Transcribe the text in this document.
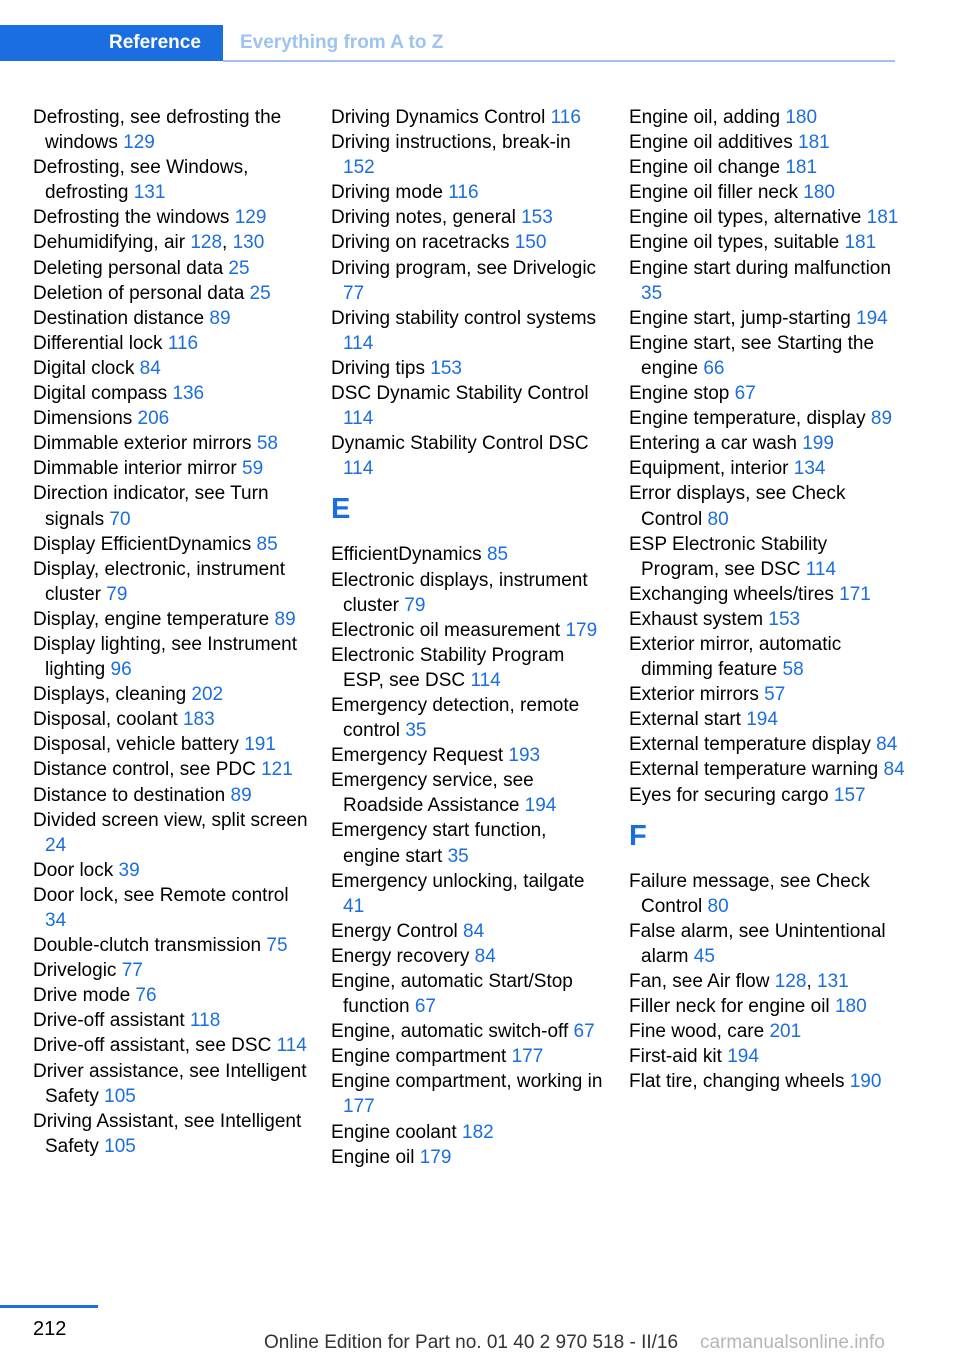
Reference	Everything from A to Z
Defrosting, see defrosting the windows 129
Defrosting, see Windows, defrosting 131
Defrosting the windows 129
Dehumidifying, air 128, 130
Deleting personal data 25
Deletion of personal data 25
Destination distance 89
Differential lock 116
Digital clock 84
Digital compass 136
Dimensions 206
Dimmable exterior mirrors 58
Dimmable interior mirror 59
Direction indicator, see Turn signals 70
Display EfficientDynamics 85
Display, electronic, instrument cluster 79
Display, engine temperature 89
Display lighting, see Instrument lighting 96
Displays, cleaning 202
Disposal, coolant 183
Disposal, vehicle battery 191
Distance control, see PDC 121
Distance to destination 89
Divided screen view, split screen 24
Door lock 39
Door lock, see Remote control 34
Double-clutch transmission 75
Drivelogic 77
Drive mode 76
Drive-off assistant 118
Drive-off assistant, see DSC 114
Driver assistance, see Intelligent Safety 105
Driving Assistant, see Intelligent Safety 105
Driving Dynamics Control 116
Driving instructions, break-in 152
Driving mode 116
Driving notes, general 153
Driving on racetracks 150
Driving program, see Drivelogic 77
Driving stability control systems 114
Driving tips 153
DSC Dynamic Stability Control 114
Dynamic Stability Control DSC 114
E
EfficientDynamics 85
Electronic displays, instrument cluster 79
Electronic oil measurement 179
Electronic Stability Program ESP, see DSC 114
Emergency detection, remote control 35
Emergency Request 193
Emergency service, see Roadside Assistance 194
Emergency start function, engine start 35
Emergency unlocking, tailgate 41
Energy Control 84
Energy recovery 84
Engine, automatic Start/Stop function 67
Engine, automatic switch-off 67
Engine compartment 177
Engine compartment, working in 177
Engine coolant 182
Engine oil 179
Engine oil, adding 180
Engine oil additives 181
Engine oil change 181
Engine oil filler neck 180
Engine oil types, alternative 181
Engine oil types, suitable 181
Engine start during malfunction 35
Engine start, jump-starting 194
Engine start, see Starting the engine 66
Engine stop 67
Engine temperature, display 89
Entering a car wash 199
Equipment, interior 134
Error displays, see Check Control 80
ESP Electronic Stability Program, see DSC 114
Exchanging wheels/tires 171
Exhaust system 153
Exterior mirror, automatic dimming feature 58
Exterior mirrors 57
External start 194
External temperature display 84
External temperature warning 84
Eyes for securing cargo 157
F
Failure message, see Check Control 80
False alarm, see Unintentional alarm 45
Fan, see Air flow 128, 131
Filler neck for engine oil 180
Fine wood, care 201
First-aid kit 194
Flat tire, changing wheels 190
212
Online Edition for Part no. 01 40 2 970 518 - II/16 carmanualsonline.info
